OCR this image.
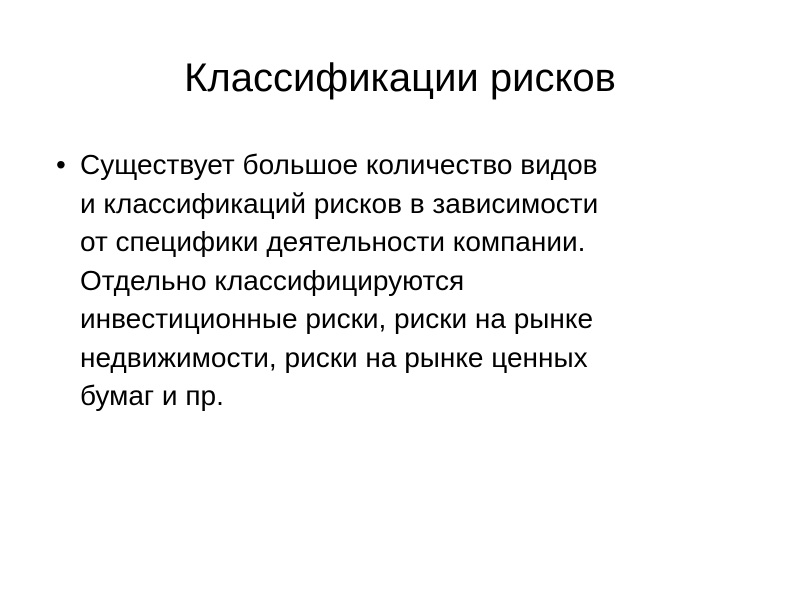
Классификации рисков
• Существует большое количество видов
и классификаций рисков в зависимости
от специфики деятельности компании.
Отдельно классифицируются
инвестиционные риски, риски на рынке
недвижимости, риски на рынке ценных
бумаг и пр.
